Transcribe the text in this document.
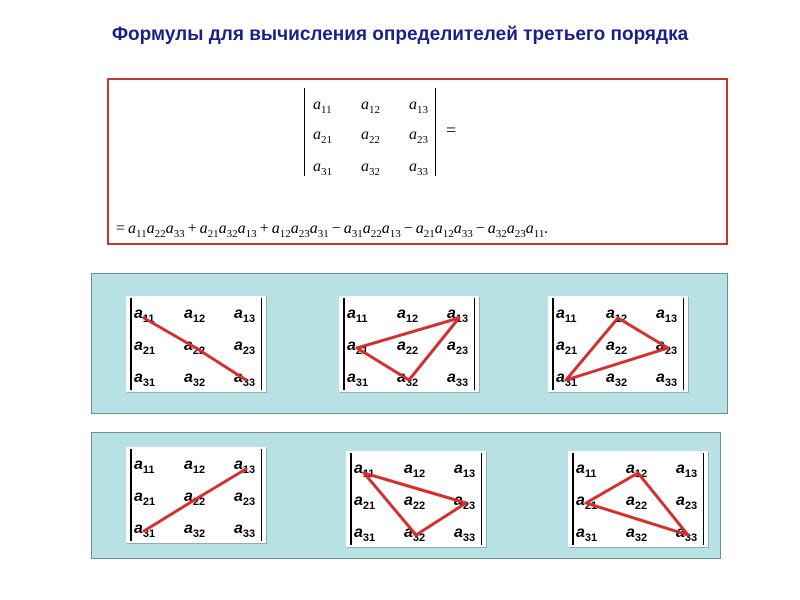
Формулы для вычисления определителей третьего порядка
$a_{11}$ $a_{12}$ $a_{13}$
$a_{21}$ $a_{22}$ $a_{23}$
$a_{31}$ $a_{32}$ $a_{33}$
=
= $a_{11}a_{22}a_{33} + a_{21}a_{32}a_{13} + a_{12}a_{23}a_{31} - a_{31}a_{22}a_{13} - a_{21}a_{12}a_{33} - a_{32}a_{23}a_{11}$.
$a_{11}$ $a_{12}$ $a_{13}$
$a_{21}$ $a_{22}$ $a_{23}$
$a_{31}$ $a_{32}$ $a_{33}$
$a_{11}$ $a_{12}$ $a_{13}$
$a_{21}$ $a_{22}$ $a_{23}$
$a_{31}$ $a_{32}$ $a_{33}$
$a_{11}$ $a_{12}$ $a_{13}$
$a_{21}$ $a_{22}$ $a_{23}$
$a_{31}$ $a_{32}$ $a_{33}$
$a_{11}$ $a_{12}$ $a_{13}$
$a_{21}$ $a_{22}$ $a_{23}$
$a_{31}$ $a_{32}$ $a_{33}$
$a_{11}$ $a_{12}$ $a_{13}$
$a_{21}$ $a_{22}$ $a_{23}$
$a_{31}$ $a_{32}$ $a_{33}$
$a_{11}$ $a_{12}$ $a_{13}$
$a_{21}$ $a_{22}$ $a_{23}$
$a_{31}$ $a_{32}$ $a_{33}$
